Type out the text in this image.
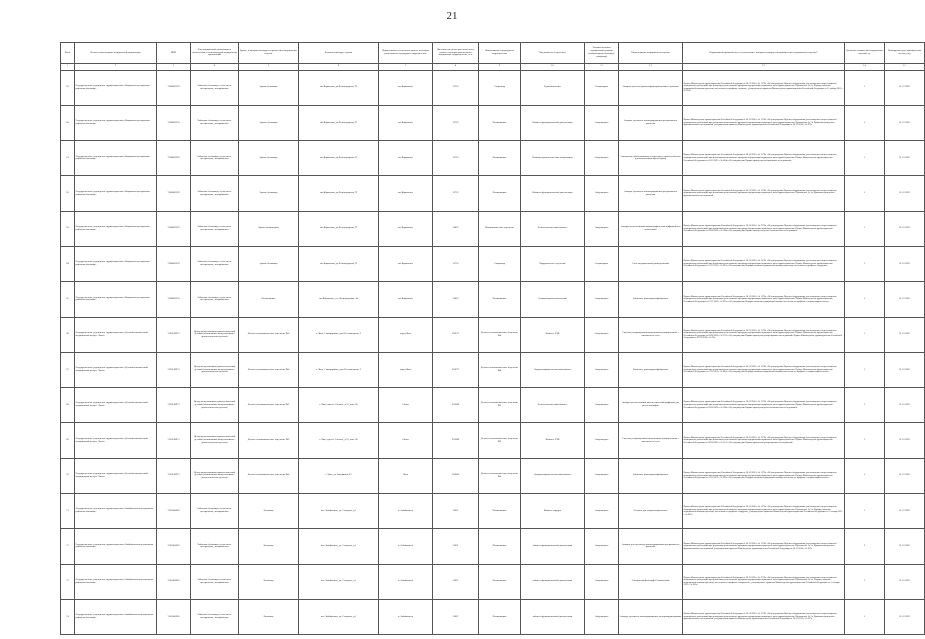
21
№п/п	Полное наименование медицинской организации	ИНН	Тип медицинской организации в соответствии с номенклатурой медицинских организаций	Здание, в котором планируется разместить медицинское изделие	Фактический адрес здания	Наименование населенного пункта, в котором расположено структурное подразделение	Численность населения населенного пункта, в котором расположено медицинское подразделение, чел.	Наименование структурного подразделения	Вид кабинета (отделения)	Условия оказания медицинской помощи (амбулаторно/в больнице/стационар)	Наименование медицинского изделия	Нормативный правовой акт, в соответствии с которым планируется приобретение медицинского изделия*	Требуемое количество медицинских изделий, ед.	Планируемая дата приобретения (месяц, год)
1	2	3	4	5	6	7	8	9	10	11	12	13	14	15
59	Государственное учреждение здравоохранения «Карымская центральная районная больница»	7508002339	Районные больницы, в том числе центральные, межрайонные	Здание больницы	пгт.Карымское,ул.Ленинградская,79	пгт.Карымское	12732	Стационар	Терапевтическое	Стационарно	Аппарат для исследования функций внешнего дыхания	Приказ Министерства здравоохранения Российской Федерации от 28.12.2020 г. № 1379н «Об утверждении Перечня оборудования для оснащения и переоснащения медицинских организаций при реализации региональных программ модернизации первичного звена здравоохранения» Приложение № 9 к Порядку оказания медицинской помощи взрослому населению по профилю «терапия», утвержденного приказом Министерства здравоохранения Российской Федерации от 15 ноября 2012 г. № 923н	1	31.12.2023
60	Государственное учреждение здравоохранения «Карымская центральная районная больница»	7508002339	Районные больницы, в том числе центральные, межрайонные	Здание больницы	пгт.Карымское,ул.Ленинградская,79	пгт.Карымское	12732	Поликлиника	Кабинет функциональной диагностики	Амбулаторно	Аппарат суточного мониторирования артериального давления	Приказ Министерства здравоохранения Российской Федерации от 28.12.2020 г. № 1379н «Об утверждении Перечня оборудования для оснащения и переоснащения медицинских организаций при реализации региональных программ модернизации первичного звена здравоохранения» Приложение № 3 к Правилам проведения функциональных исследований, утвержденным приказом Министерства здравоохранения Российской Федерации от 26.12.2016 г. № 997н	1	31.12.2023
61	Государственное учреждение здравоохранения «Карымская центральная районная больница»	7508002339	Районные больницы, в том числе центральные, межрайонные	Здание больницы	пгт.Карымское,ул.Ленинградская,79	пгт.Карымское	12732	Поликлиника	Клинико-диагностическая лаборатория	Амбулаторно	Автоматический анализатор осадка мочи, приспособления для взятия капиллярной крови	Приказ Министерства здравоохранения Российской Федерации от 28.12.2020 г. № 1379н «Об утверждении Перечня оборудования для оснащения и переоснащения медицинских организаций при реализации региональных программ модернизации первичного звена здравоохранения» Приказ Министерства здравоохранения Российской Федерации от 18.05.2021 г. № 464н «Об утверждении Правил проведения лабораторных исследований»	1	31.12.2023
62	Государственное учреждение здравоохранения «Карымская центральная районная больница»	7508002339	Районные больницы, в том числе центральные, межрайонные	Здание больницы	пгт.Карымское,ул.Ленинградская,79	пгт.Карымское	12732	Поликлиника	Кабинет функциональной диагностики	Амбулаторно	Аппарат суточного мониторирования артериального давления	Приказ Министерства здравоохранения Российской Федерации от 28.12.2020 г. № 1379н «Об утверждении Перечня оборудования для оснащения и переоснащения медицинских организаций при реализации региональных программ модернизации первичного звена здравоохранения» Приложение № 3 к Правилам проведения функциональных исследований	1	31.12.2023
63	Государственное учреждение здравоохранения «Карымская центральная районная больница»	7508002339	Районные больницы, в том числе центральные, межрайонные	Здание лаборатории	пгт.Карымское,ул.Ленинградская,79	пгт.Карымское	12823	Поликлиническое отделение	Рентгенологический кабинет	Амбулаторно	Аппарат рентгеновский маммографический цифровой или аналоговый	Приказ Министерства здравоохранения Российской Федерации от 28.12.2020 г. № 1379н «Об утверждении Перечня оборудования для оснащения и переоснащения медицинских организаций при реализации региональных программ модернизации первичного звена здравоохранения» Приказ Министерства здравоохранения Российской Федерации от 09.06.2020 г. № 560н «Об утверждении Правил проведения рентгенологических исследований»	1	31.12.2023
64	Государственное учреждение здравоохранения «Карымская центральная районная больница»	7508002339	Районные больницы, в том числе центральные, межрайонные	Здание больницы	пгт.Карымское,ул.Ленинградская,79	пгт.Карымское	12732	Стационар	Хирургическое отделение	Стационарно	Стол операционный универсальный	Приказ Министерства здравоохранения Российской Федерации от 28.12.2020 г. № 1379н «Об утверждении Перечня оборудования для оснащения и переоснащения медицинских организаций при реализации региональных программ модернизации первичного звена здравоохранения» Приказ Министерства здравоохранения Российской Федерации от 15.11.2012 г. № 922н «Об утверждении Порядка оказания медицинской помощи взрослому населению по профилю «хирургия»»	1	31.12.2023
65	Государственное учреждение здравоохранения «Карымская центральная районная больница»	7508002339	Районные больницы, в том числе центральные, межрайонные	Поликлиника	пгт.Карымское, ул. Ленинградская, 44	пгт.Карымское	12823	Поликлиника	Оториноларингологический	Амбулаторно	Риноскоп, риноларингофиброскоп	Приказ Министерства здравоохранения Российской Федерации от 28.12.2020 г. № 1379н «Об утверждении Перечня оборудования для оснащения и переоснащения медицинских организаций при реализации региональных программ модернизации первичного звена здравоохранения» Приказ Министерства здравоохранения Российской Федерации от 12.11.2012 г. № 905н «Об утверждении Порядка оказания медицинской помощи населению по профилю «оториноларингология»»	1	31.12.2023
66	Государственное учреждение здравоохранения «Детский клинический медицинский центр г. Читы»	7536149973	Центр консультативно-диагностический детский (поликлиника консультативно-диагностическая детская)	Детское поликлиническое отделение №4	г. Чита, 3 микрорайон, дом 18, помещение 2	город Чита	334577	Детское поликлиническое отделение №4	Кабинет УЗИ	Амбулаторно	Система ультразвуковой визуализации универсальная с питанием от сети	Приказ Министерства здравоохранения Российской Федерации от 28.12.2020 г. № 1379н «Об утверждении Перечня оборудования для оснащения и переоснащения медицинских организаций при реализации региональных программ модернизации первичного звена здравоохранения» Приказ Министерства здравоохранения Российской Федерации от 08.06.2020 г. № 557н «Об утверждении Правил проведения ультразвуковых исследований» Приказ Министерства здравоохранения Российской Федерации от 07.03.2018 г. № 92н	1	31.12.2023
67	Государственное учреждение здравоохранения «Детский клинический медицинский центр г. Читы»	7536149973	Центр консультативно-диагностический детский (поликлиника консультативно-диагностическая детская)	Детское поликлиническое отделение №4	г. Чита, 3 микрорайон, дом 18, помещение 2	город Чита	334577	Детское поликлиническое отделение №4	Оториноларингологический кабинет	Амбулаторно	Риноскоп, риноларингофиброскоп	Приказ Министерства здравоохранения Российской Федерации от 28.12.2020 г. № 1379н «Об утверждении Перечня оборудования для оснащения и переоснащения медицинских организаций при реализации региональных программ модернизации первичного звена здравоохранения» Приказ Министерства здравоохранения Российской Федерации от 12.11.2012 г. № 905н «Об утверждении Порядка оказания медицинской помощи населению по профилю «оториноларингология»»	1	31.12.2023
68	Государственное учреждение здравоохранения «Детский клинический медицинский центр г. Читы»	7536149973	Центр консультативно-диагностический детский (поликлиника консультативно-диагностическая детская)	Детское поликлиническое отделение №2	г. Чита, пр.пгт. Степное, д.13, пом. 66	г.Чита	332889	Детское поликлиническое отделение №2	Рентгенологический кабинет	Амбулаторно	Аппарат рентгеновский диагностический цифровой для рентгенографии	Приказ Министерства здравоохранения Российской Федерации от 28.12.2020 г. № 1379н «Об утверждении Перечня оборудования для оснащения и переоснащения медицинских организаций при реализации региональных программ модернизации первичного звена здравоохранения» Приказ Министерства здравоохранения Российской Федерации от 09.06.2020 г. № 560н «Об утверждении Правил проведения рентгенологических исследований»	1	31.12.2023
69	Государственное учреждение здравоохранения «Детский клинический медицинский центр г. Читы»	7536149973	Центр консультативно-диагностический детский (поликлиника консультативно-диагностическая детская)	Детское поликлиническое отделение №2	г. Чита, пр.пгт. Степное, д.13, пом. 66	г.Чита	332889	Детское поликлиническое отделение №2	Кабинет УЗИ	Амбулаторно	Система ультразвуковой визуализации универсальная с питанием от сети	Приказ Министерства здравоохранения Российской Федерации от 28.12.2020 г. № 1379н «Об утверждении Перечня оборудования для оснащения и переоснащения медицинских организаций при реализации региональных программ модернизации первичного звена здравоохранения» Приказ Министерства здравоохранения Российской Федерации от 08.06.2020 г. № 557н «Об утверждении Правил проведения ультразвуковых исследований»	1	31.12.2023
70	Государственное учреждение здравоохранения «Детский клинический медицинский центр г. Читы»	7536149973	Центр консультативно-диагностический детский (поликлиника консультативно-диагностическая детская)	Детское поликлиническое отделение №4	г. Чита, ул. Бабушкина,23	Чита	334266	Детское поликлиническое отделение №4	Оториноларингологический кабинет	Амбулаторно	Риноскоп, риноларингофиброскоп	Приказ Министерства здравоохранения Российской Федерации от 28.12.2020 г. № 1379н «Об утверждении Перечня оборудования для оснащения и переоснащения медицинских организаций при реализации региональных программ модернизации первичного звена здравоохранения» Приказ Министерства здравоохранения Российской Федерации от 12.11.2012 г. № 905н «Об утверждении Порядка оказания медицинской помощи населению по профилю «оториноларингология»»	1	31.12.2023
71	Государственное учреждение здравоохранения «Забайкальская центральная районная больница»	7505000696	Районные больницы, в том числе центральные, межрайонные	Больница	пгт. Забайкальск, ул. Северная, д.1	п. Забайкальск	13021	Поликлиника	Кабинет хирурга	Амбулаторно	Отоскоп для оториноларинголога	Приказ Министерства здравоохранения Российской Федерации от 28.12.2020 г. № 1379н «Об утверждении Перечня оборудования для оснащения и переоснащения медицинских организаций при реализации региональных программ модернизации первичного звена здравоохранения» Приложение № 3 к Порядку оказания медицинской помощи взрослому населению по профилю «хирургия», утвержденного приказом Министерства здравоохранения Российской Федерации от 15 ноября 2012 г. № 922н	1	31.12.2023
72	Государственное учреждение здравоохранения «Забайкальская центральная районная больница»	7505000696	Районные больницы, в том числе центральные, межрайонные	Больница	пгт. Забайкальск, ул. Северная, д.1	п. Забайкальск	13021	Поликлиника	кабинет функциональной диагностики	Амбулаторно	Аппарат для суточного мониторирования артериального давления	Приказ Министерства здравоохранения Российской Федерации от 28.12.2020 г. № 1379н «Об утверждении Перечня оборудования для оснащения и переоснащения медицинских организаций при реализации региональных программ модернизации первичного звена здравоохранения» Приложение № 3 к Правилам проведения функциональных исследований, утвержденным приказом Министерства здравоохранения Российской Федерации от 26.12.2016 г. № 997н	2	31.12.2023
73	Государственное учреждение здравоохранения «Забайкальская центральная районная больница»	7505000696	Районные больницы, в том числе центральные, межрайонные	Больница	пгт. Забайкальск, ул. Северная, д.1	п. Забайкальск	13021	Поликлиника	кабинет функциональной диагностики	Амбулаторно	Электроэнцефалограф 12-канальный	Приказ Министерства здравоохранения Российской Федерации от 28.12.2020 г. № 1379н «Об утверждении Перечня оборудования для оснащения и переоснащения медицинских организаций при реализации региональных программ модернизации первичного звена здравоохранения» Приложение № 4 к Порядку оказания медицинской помощи взрослому населению по профилю «неврология», утвержденного приказом Министерства здравоохранения Российской Федерации от 15 ноября 2012 г. № 926н	1	31.12.2023
74	Государственное учреждение здравоохранения «Забайкальская центральная районная больница»	7505000696	Районные больницы, в том числе центральные, межрайонные	Больница	пгт. Забайкальск, ул. Северная, д.1	п. Забайкальск	13021	Поликлиника	кабинет функциональной диагностики	Амбулаторно	Аппарат суточного мониторирования электрокардиограммы	Приказ Министерства здравоохранения Российской Федерации от 28.12.2020 г. № 1379н «Об утверждении Перечня оборудования для оснащения и переоснащения медицинских организаций при реализации региональных программ модернизации первичного звена здравоохранения» Приложение № 3 к Правилам проведения функциональных исследований, утвержденным приказом Министерства здравоохранения Российской Федерации от 26.12.2016 г. № 997н	1	31.12.2023
